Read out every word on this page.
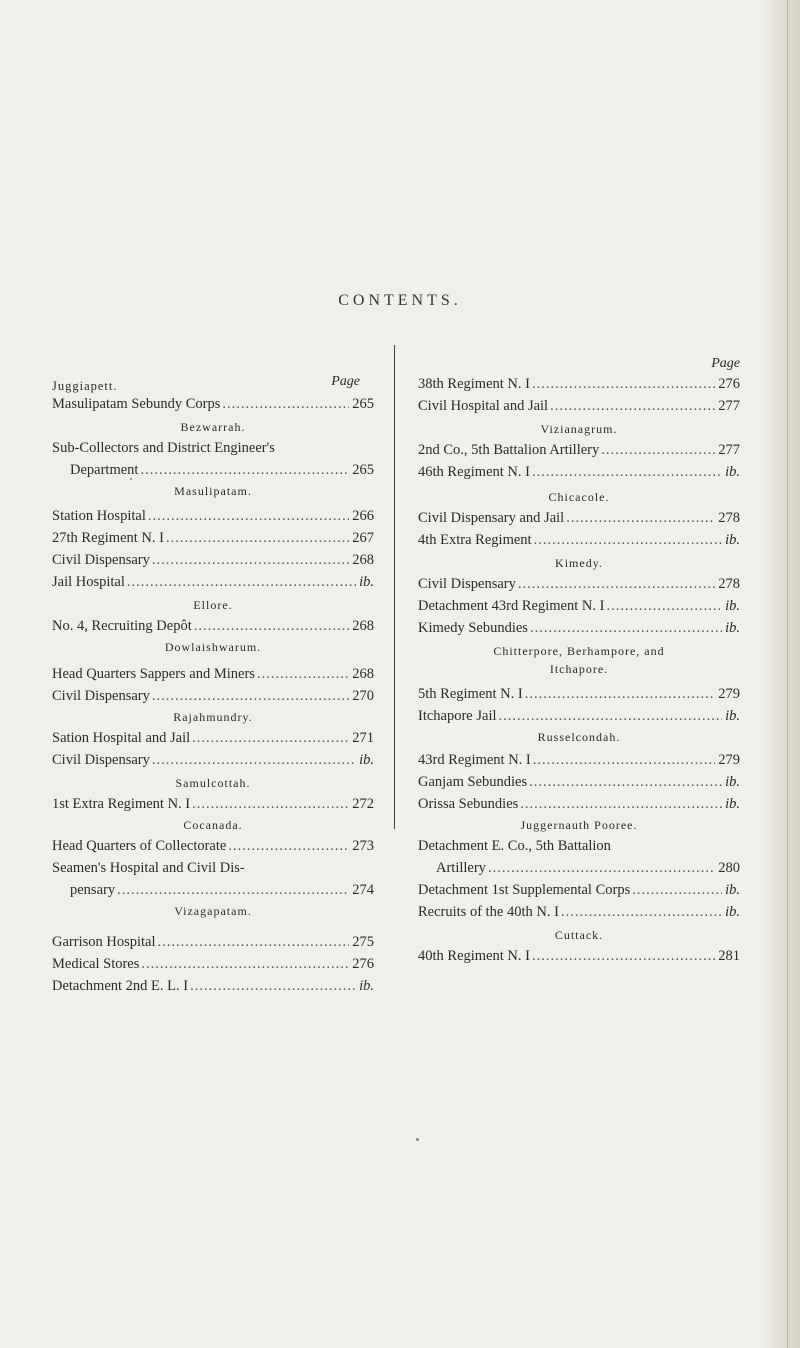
CONTENTS.
Juggiapett.	Page
Masulipatam Sebundy Corps .....	265
Bezwarrah.
Sub-Collectors and District Engineer's
Department .....	265
Masulipatam.
Station Hospital .....	266
27th Regiment N. I .....	267
Civil Dispensary .....	268
Jail Hospital .....	ib.
Ellore.
No. 4, Recruiting Depôt .....	268
Dowlaishwarum.
Head Quarters Sappers and Miners .....	268
Civil Dispensary .....	270
Rajahmundry.
Sation Hospital and Jail .....	271
Civil Dispensary .....	ib.
Samulcottah.
1st Extra Regiment N. I .....	272
Cocanada.
Head Quarters of Collectorate .....	273
Seamen's Hospital and Civil Dis-
pensary .....	274
Vizagapatam.
Garrison Hospital .....	275
Medical Stores .....	276
Detachment 2nd E. L. I .....	ib.
Page
38th Regiment N. I .....	276
Civil Hospital and Jail .....	277
Vizianagrum.
2nd Co., 5th Battalion Artillery .....	277
46th Regiment N. I .....	ib.
Chicacole.
Civil Dispensary and Jail .....	278
4th Extra Regiment .....	ib.
Kimedy.
Civil Dispensary .....	278
Detachment 43rd Regiment N. I .....	ib.
Kimedy Sebundies .....	ib.
Chitterpore, Berhampore, and
Itchapore.
5th Regiment N. I .....	279
Itchapore Jail .....	ib.
Russelcondah.
43rd Regiment N. I .....	279
Ganjam Sebundies .....	ib.
Orissa Sebundies .....	ib.
Juggernauth Pooree.
Detachment E. Co., 5th Battalion
Artillery .....	280
Detachment 1st Supplemental Corps .....	ib.
Recruits of the 40th N. I .....	ib.
Cuttack.
40th Regiment N. I .....	281
